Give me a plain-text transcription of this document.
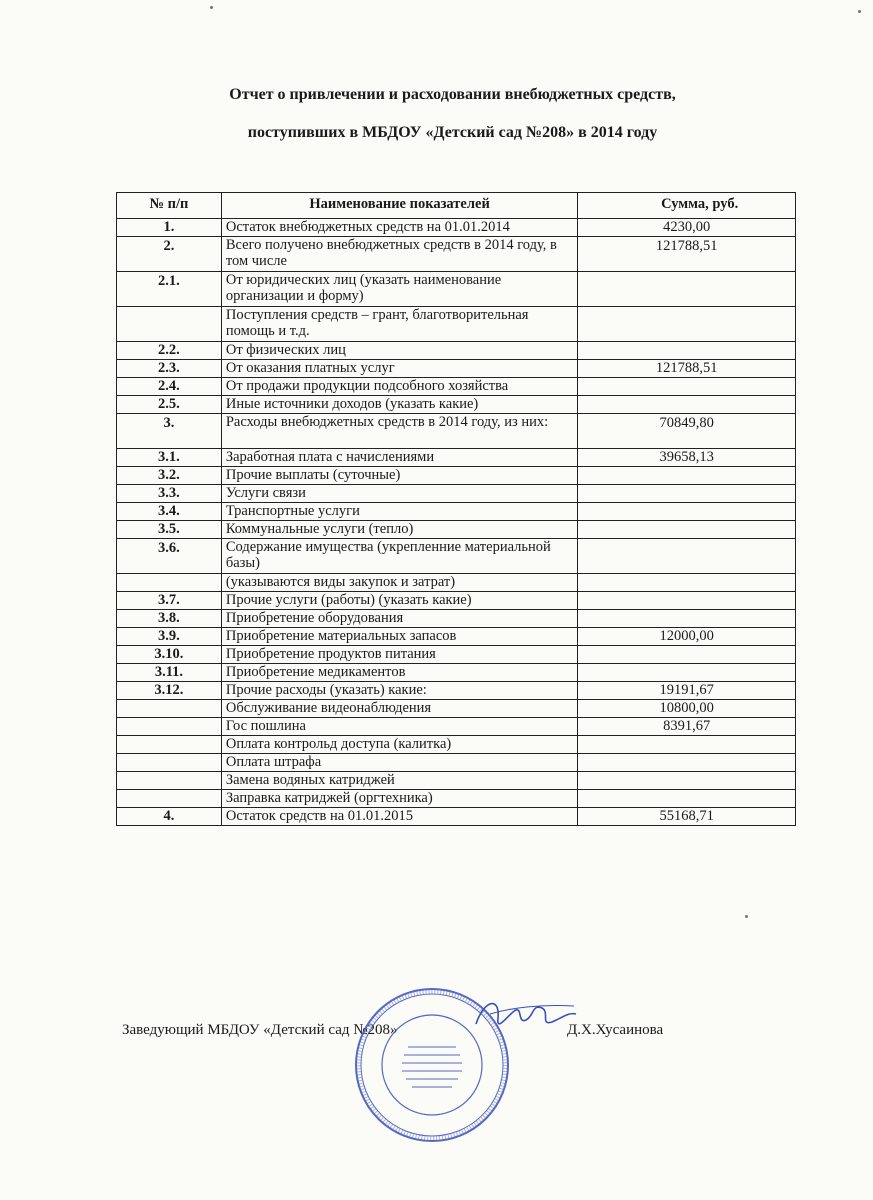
Отчет о привлечении и расходовании внебюджетных средств,
поступивших в МБДОУ «Детский сад №208» в 2014 году
№ п/п	Наименование показателей	Сумма, руб.
1.	Остаток внебюджетных средств на 01.01.2014	4230,00
2.	Всего получено внебюджетных средств в 2014 году, в том числе	121788,51
2.1.	От юридических лиц (указать наименование организации и форму)	
	Поступления средств – грант, благотворительная помощь и т.д.	
2.2.	От физических лиц	
2.3.	От оказания платных услуг	121788,51
2.4.	От продажи продукции подсобного хозяйства	
2.5.	Иные источники доходов (указать какие)	
3.	Расходы внебюджетных средств в 2014 году, из них:	70849,80
3.1.	Заработная плата с начислениями	39658,13
3.2.	Прочие выплаты (суточные)	
3.3.	Услуги связи	
3.4.	Транспортные услуги	
3.5.	Коммунальные услуги (тепло)	
3.6.	Содержание имущества (укрепленние материальной базы)	
	(указываются виды закупок и затрат)	
3.7.	Прочие услуги (работы) (указать какие)	
3.8.	Приобретение оборудования	
3.9.	Приобретение материальных запасов	12000,00
3.10.	Приобретение продуктов питания	
3.11.	Приобретение медикаментов	
3.12.	Прочие расходы (указать) какие:	19191,67
	Обслуживание видеонаблюдения	10800,00
	Гос пошлина	8391,67
	Оплата контрольд доступа (калитка)	
	Оплата штрафа	
	Замена водяных катриджей	
	Заправка катриджей (оргтехника)	
4.	Остаток средств на 01.01.2015	55168,71
Заведующий МБДОУ «Детский сад №208»	Д.Х.Хусаинова
